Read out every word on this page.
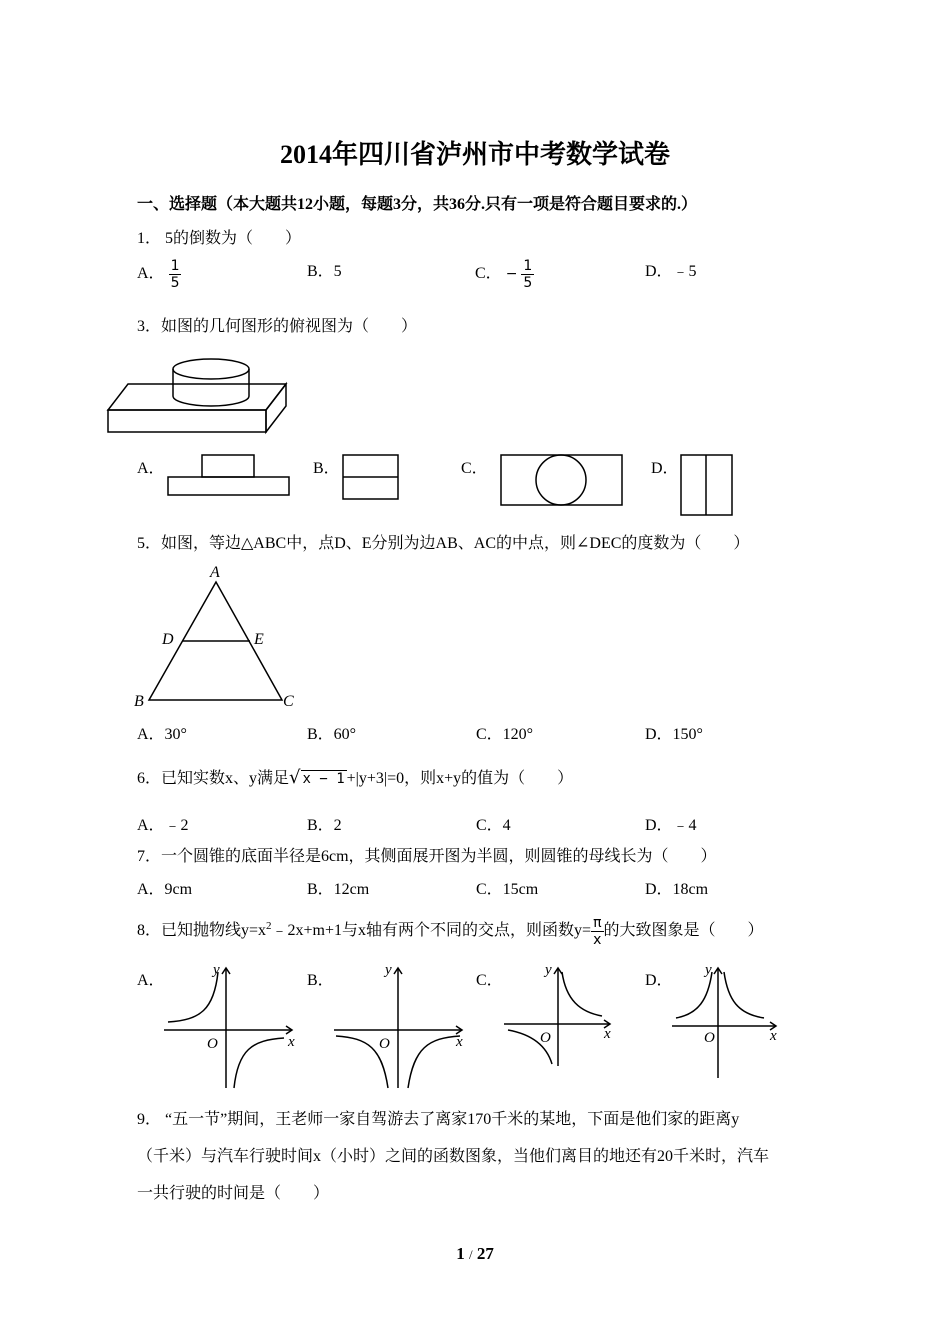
2014年四川省泸州市中考数学试卷
一、选择题（本大题共12小题，每题3分，共36分.只有一项是符合题目要求的.）
1． 5的倒数为（　　）
A． $\frac{1}{5}$	B．5	C． − $\frac{1}{5}$	D．﹣5
3．如图的几何图形的俯视图为（　　）
A．	B．	C．	D．
5．如图，等边△ABC中，点D、E分别为边AB、AC的中点，则∠DEC的度数为（　　）
A
B	C
D	E
A．30°	B．60°	C．120°	D．150°
6．已知实数x、y满足√ x − 1 +|y+3|=0，则x+y的值为（　　）
A．﹣2	B．2	C．4	D．﹣4
7．一个圆锥的底面半径是6cm，其侧面展开图为半圆，则圆锥的母线长为（　　）
A．9cm	B．12cm	C．15cm	D．18cm
8．已知抛物线$y=x^2﹣2x+m+1$与x轴有两个不同的交点，则函数$y= \frac{\pi}{x}$ 的大致图象是（　　）
A．
y
x
O
B．
y
x
O
C．
y
x
O
D．
y
x
O
9． “五一节”期间，王老师一家自驾游去了离家170千米的某地，下面是他们家的距离y
（千米）与汽车行驶时间x（小时）之间的函数图象，当他们离目的地还有20千米时，汽车
一共行驶的时间是（　　）
1 / 27
